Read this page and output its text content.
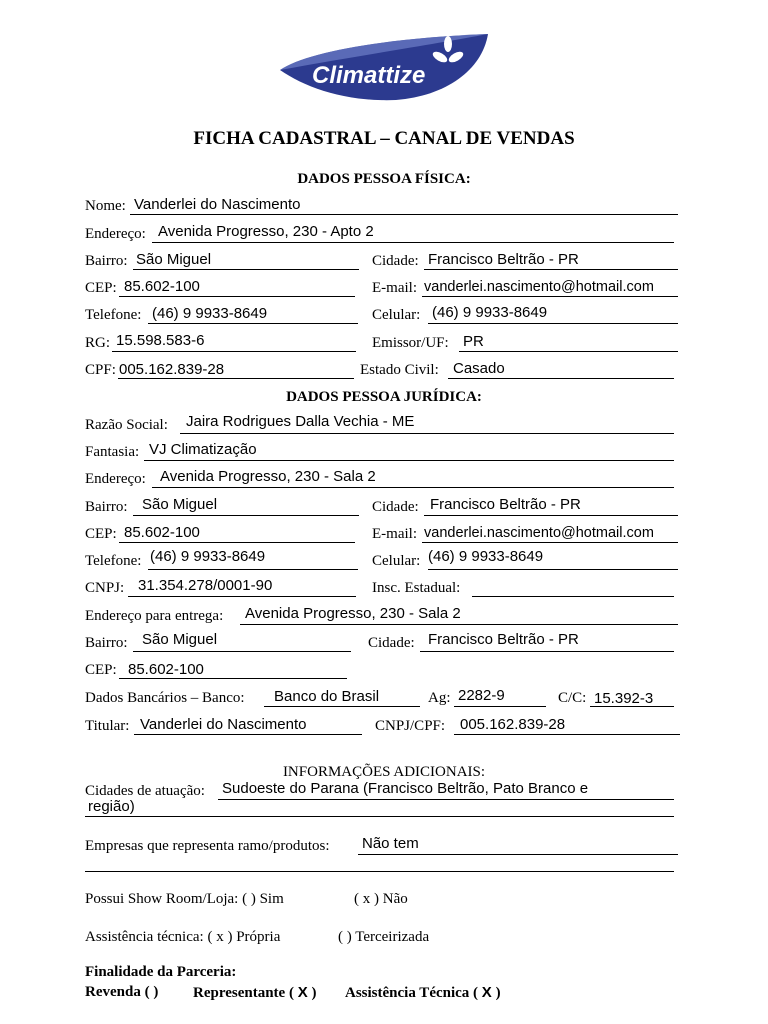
Climattize
FICHA CADASTRAL – CANAL DE VENDAS
DADOS PESSOA FÍSICA:
Nome: Vanderlei do Nascimento
Endereço: Avenida Progresso, 230 - Apto 2
Bairro: São Miguel	Cidade: Francisco Beltrão - PR
CEP: 85.602-100	E-mail: vanderlei.nascimento@hotmail.com
Telefone: (46) 9 9933-8649	Celular: (46) 9 9933-8649
RG: 15.598.583-6	Emissor/UF: PR
CPF: 005.162.839-28	Estado Civil: Casado
DADOS PESSOA JURÍDICA:
Razão Social: Jaira Rodrigues Dalla Vechia - ME
Fantasia: VJ Climatização
Endereço: Avenida Progresso, 230 - Sala 2
Bairro: São Miguel	Cidade: Francisco Beltrão - PR
CEP: 85.602-100	E-mail: vanderlei.nascimento@hotmail.com
Telefone: (46) 9 9933-8649	Celular: (46) 9 9933-8649
CNPJ: 31.354.278/0001-90	Insc. Estadual:
Endereço para entrega: Avenida Progresso, 230 - Sala 2
Bairro: São Miguel	Cidade: Francisco Beltrão - PR
CEP: 85.602-100
Dados Bancários – Banco: Banco do Brasil	Ag: 2282-9	C/C: 15.392-3
Titular: Vanderlei do Nascimento	CNPJ/CPF: 005.162.839-28
INFORMAÇÕES ADICIONAIS:
Cidades de atuação: Sudoeste do Parana (Francisco Beltrão, Pato Branco e
região)
Empresas que representa ramo/produtos: Não tem
Possui Show Room/Loja: ( ) Sim	( x ) Não
Assistência técnica: ( x ) Própria	( ) Terceirizada
Finalidade da Parceria:
Revenda ( ) Representante ( X ) Assistência Técnica ( X )
